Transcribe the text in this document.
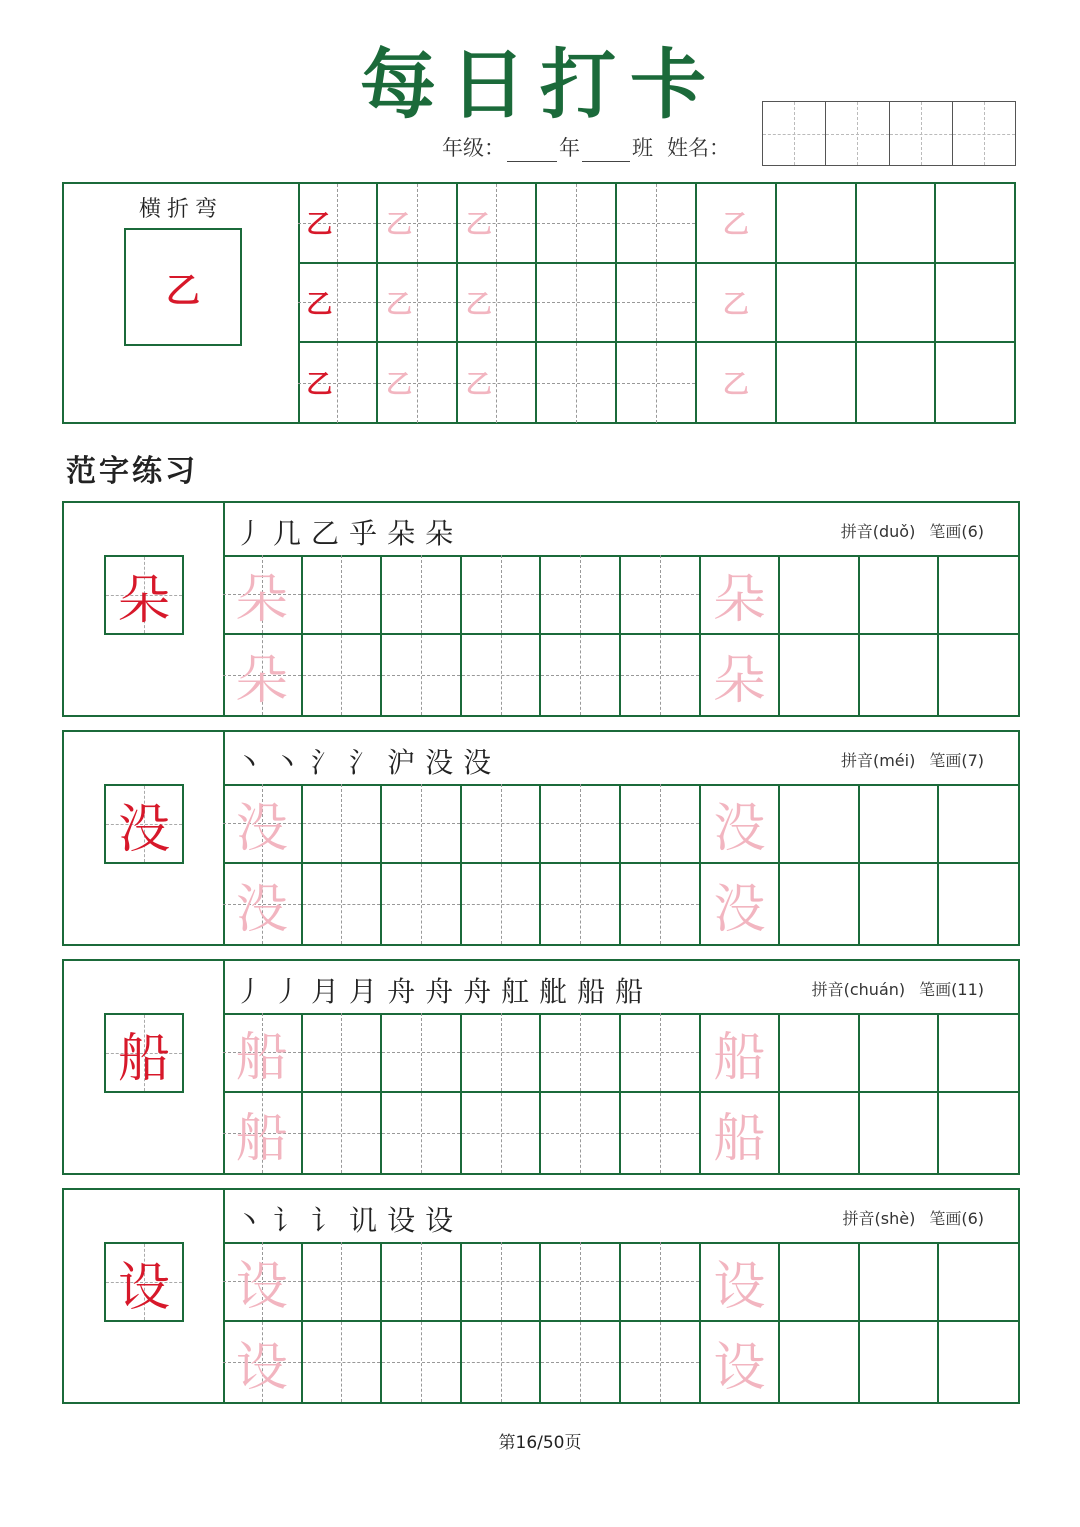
每日打卡
年级：	年 班 姓名：
横折弯
乙
乙	乙	乙	乙
乙	乙	乙	乙
乙	乙	乙	乙
范字练习
朵
丿几乙乎朵朵	拼音(duǒ) 笔画(6)
朵	朵
朵	朵
没
丶丶氵氵沪没没	拼音(méi) 笔画(7)
没	没
没	没
船
丿丿月月舟舟舟舡舭船船	拼音(chuán) 笔画(11)
船	船
船	船
设
丶讠讠讥设设	拼音(shè) 笔画(6)
设	设
设	设
第16/50页
